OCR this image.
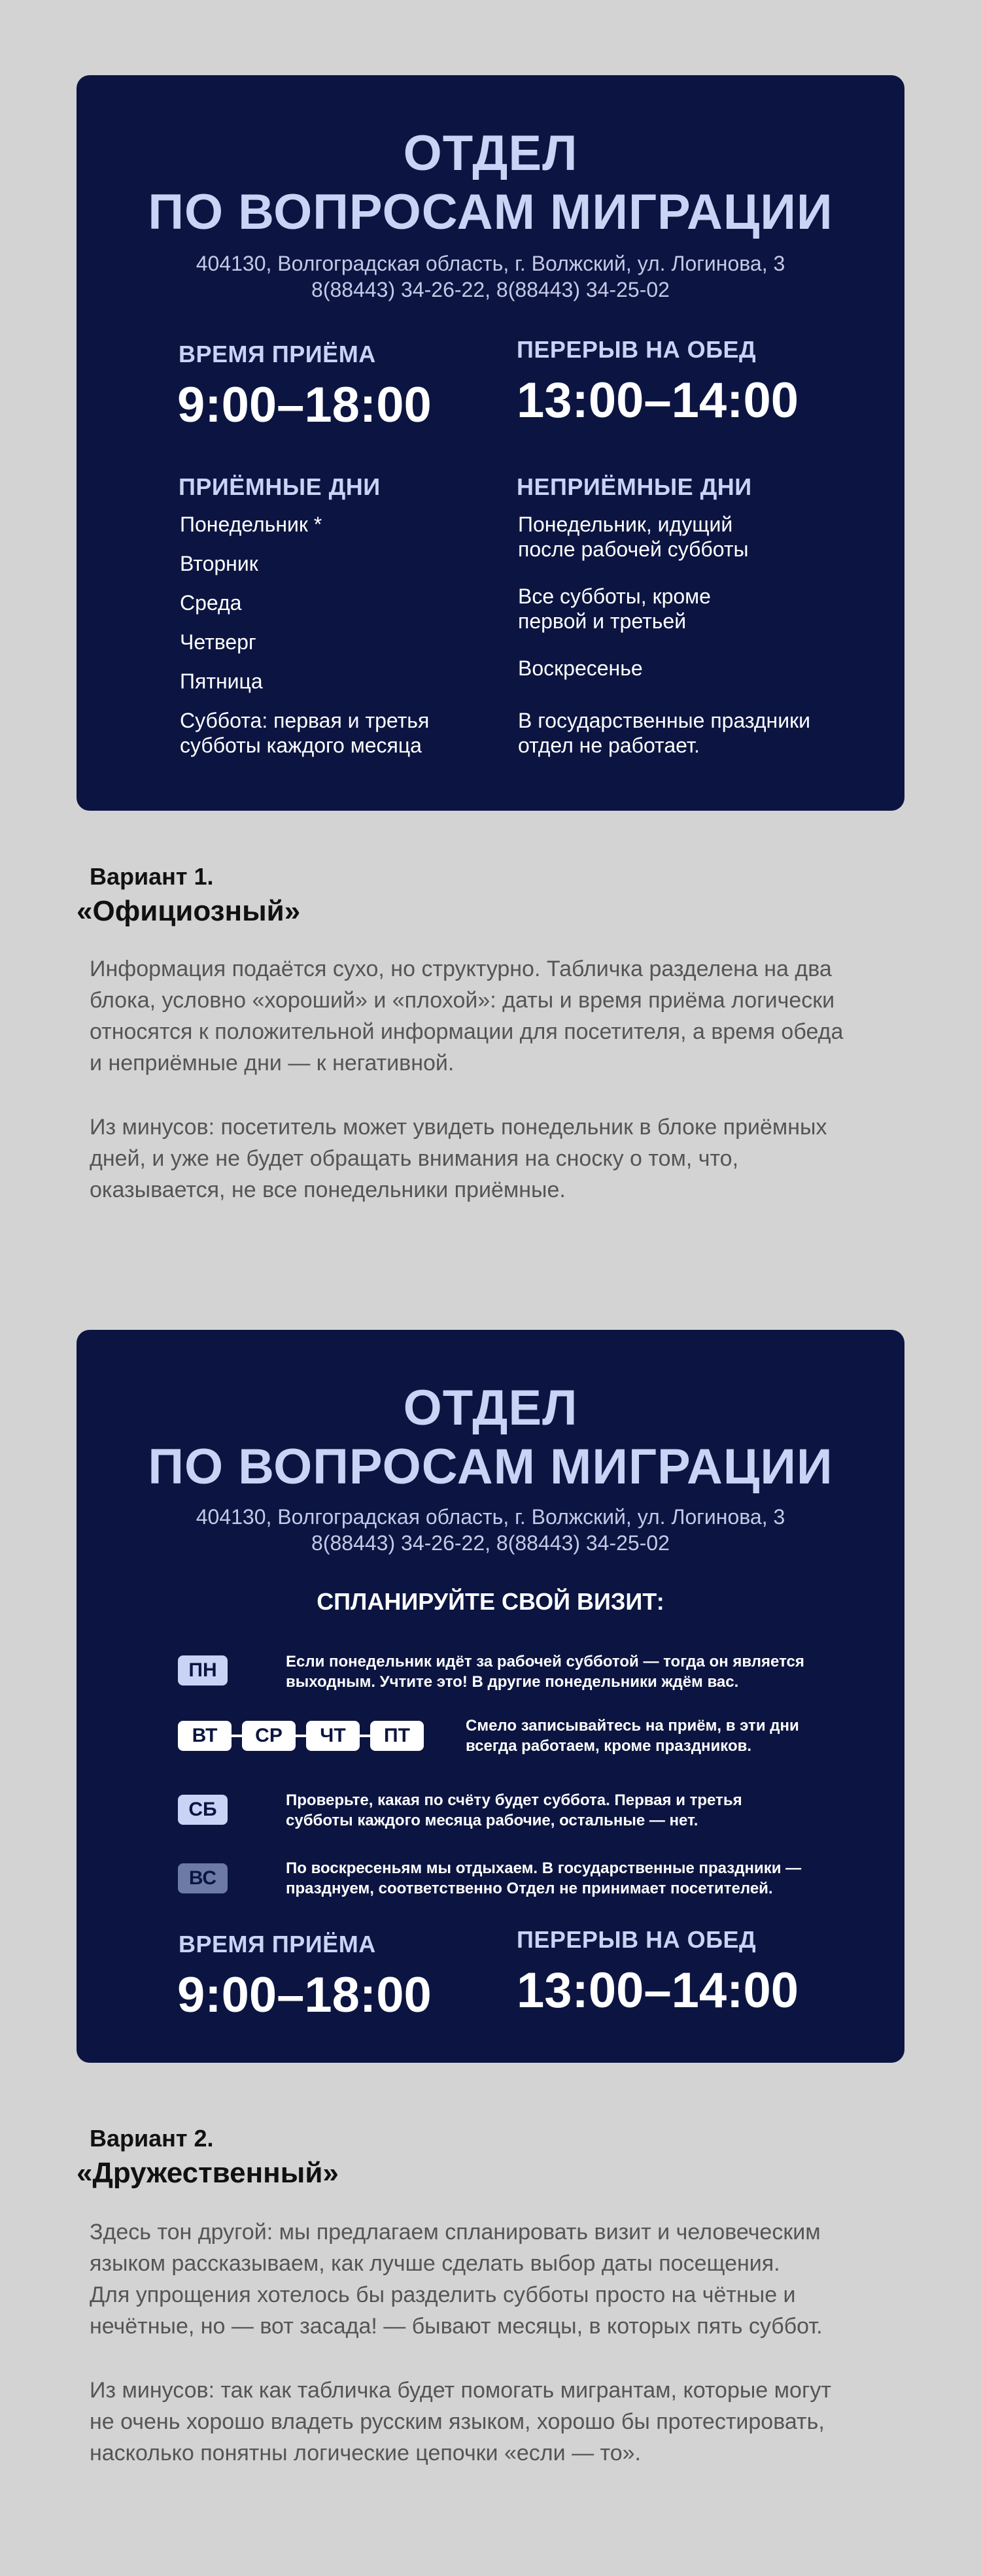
ОТДЕЛ
ПО ВОПРОСАМ МИГРАЦИИ
404130, Волгоградская область, г. Волжский, ул. Логинова, 3
8(88443) 34-26-22, 8(88443) 34-25-02
ВРЕМЯ ПРИЁМА
9:00–18:00
ПЕРЕРЫВ НА ОБЕД
13:00–14:00
ПРИЁМНЫЕ ДНИ
Понедельник *
Вторник
Среда
Четверг
Пятница
Суббота: первая и третья
субботы каждого месяца
НЕПРИЁМНЫЕ ДНИ
Понедельник, идущий
после рабочей субботы
Все субботы, кроме
первой и третьей
Воскресенье
В государственные праздники
отдел не работает.
Вариант 1.
«Официозный»
Информация подаётся сухо, но структурно. Табличка разделена на два
блока, условно «хороший» и «плохой»: даты и время приёма логически
относятся к положительной информации для посетителя, а время обеда
и неприёмные дни — к негативной.
Из минусов: посетитель может увидеть понедельник в блоке приёмных
дней, и уже не будет обращать внимания на сноску о том, что,
оказывается, не все понедельники приёмные.
ОТДЕЛ
ПО ВОПРОСАМ МИГРАЦИИ
404130, Волгоградская область, г. Волжский, ул. Логинова, 3
8(88443) 34-26-22, 8(88443) 34-25-02
СПЛАНИРУЙТЕ СВОЙ ВИЗИТ:
ПН	Если понедельник идёт за рабочей субботой — тогда он является
выходным. Учтите это! В другие понедельники ждём вас.
ВТ	СР	ЧТ	ПТ	Смело записывайтесь на приём, в эти дни
всегда работаем, кроме праздников.
СБ	Проверьте, какая по счёту будет суббота. Первая и третья
субботы каждого месяца рабочие, остальные — нет.
ВС	По воскресеньям мы отдыхаем. В государственные праздники —
празднуем, соответственно Отдел не принимает посетителей.
ВРЕМЯ ПРИЁМА
9:00–18:00
ПЕРЕРЫВ НА ОБЕД
13:00–14:00
Вариант 2.
«Дружественный»
Здесь тон другой: мы предлагаем спланировать визит и человеческим
языком рассказываем, как лучше сделать выбор даты посещения.
Для упрощения хотелось бы разделить субботы просто на чётные и
нечётные, но — вот засада! — бывают месяцы, в которых пять суббот.
Из минусов: так как табличка будет помогать мигрантам, которые могут
не очень хорошо владеть русским языком, хорошо бы протестировать,
насколько понятны логические цепочки «если — то».
